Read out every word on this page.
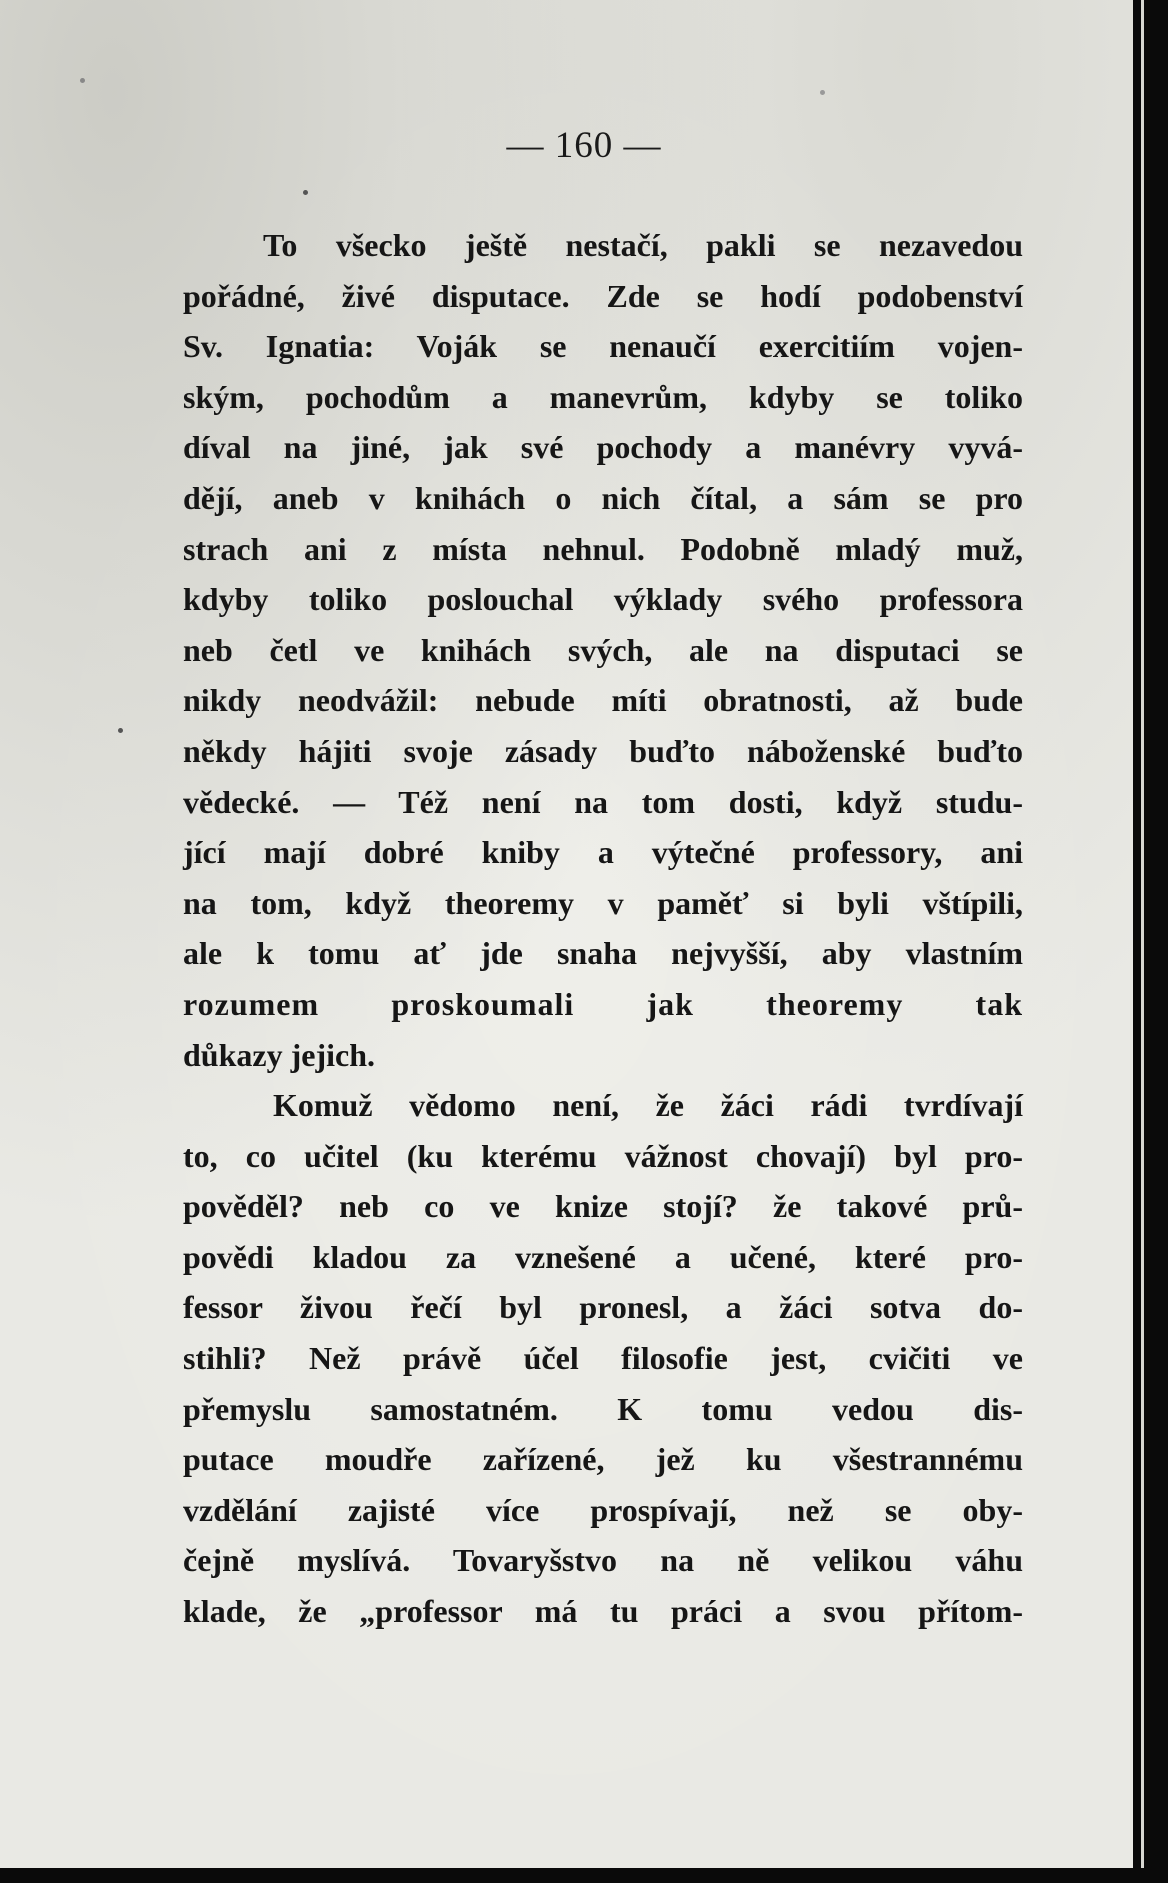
— 160 —
To všecko ještě nestačí, pakli se nezavedou
pořádné, živé disputace. Zde se hodí podobenství
Sv. Ignatia: Voják se nenaučí exercitiím vojen-
ským, pochodům a manevrům, kdyby se toliko
díval na jiné, jak své pochody a manévry vyvá-
dějí, aneb v knihách o nich čítal, a sám se pro
strach ani z místa nehnul. Podobně mladý muž,
kdyby toliko poslouchal výklady svého professora
neb četl ve knihách svých, ale na disputaci se
nikdy neodvážil: nebude míti obratnosti, až bude
někdy hájiti svoje zásady buďto náboženské buďto
vědecké. — Též není na tom dosti, když studu-
jící mají dobré kniby a výtečné professory, ani
na tom, když theoremy v paměť si byli vštípili,
ale k tomu ať jde snaha nejvyšší, aby vlastním
rozumem proskoumali jak theoremy tak
důkazy jejich.
Komuž vědomo není, že žáci rádi tvrdívají
to, co učitel (ku kterému vážnost chovají) byl pro-
pověděl? neb co ve knize stojí? že takové prů-
povědi kladou za vznešené a učené, které pro-
fessor živou řečí byl pronesl, a žáci sotva do-
stihli? Než právě účel filosofie jest, cvičiti ve
přemyslu samostatném. K tomu vedou dis-
putace moudře zařízené, jež ku všestrannému
vzdělání zajisté více prospívají, než se oby-
čejně myslívá. Tovaryšstvo na ně velikou váhu
klade, že „professor má tu práci a svou přítom-
